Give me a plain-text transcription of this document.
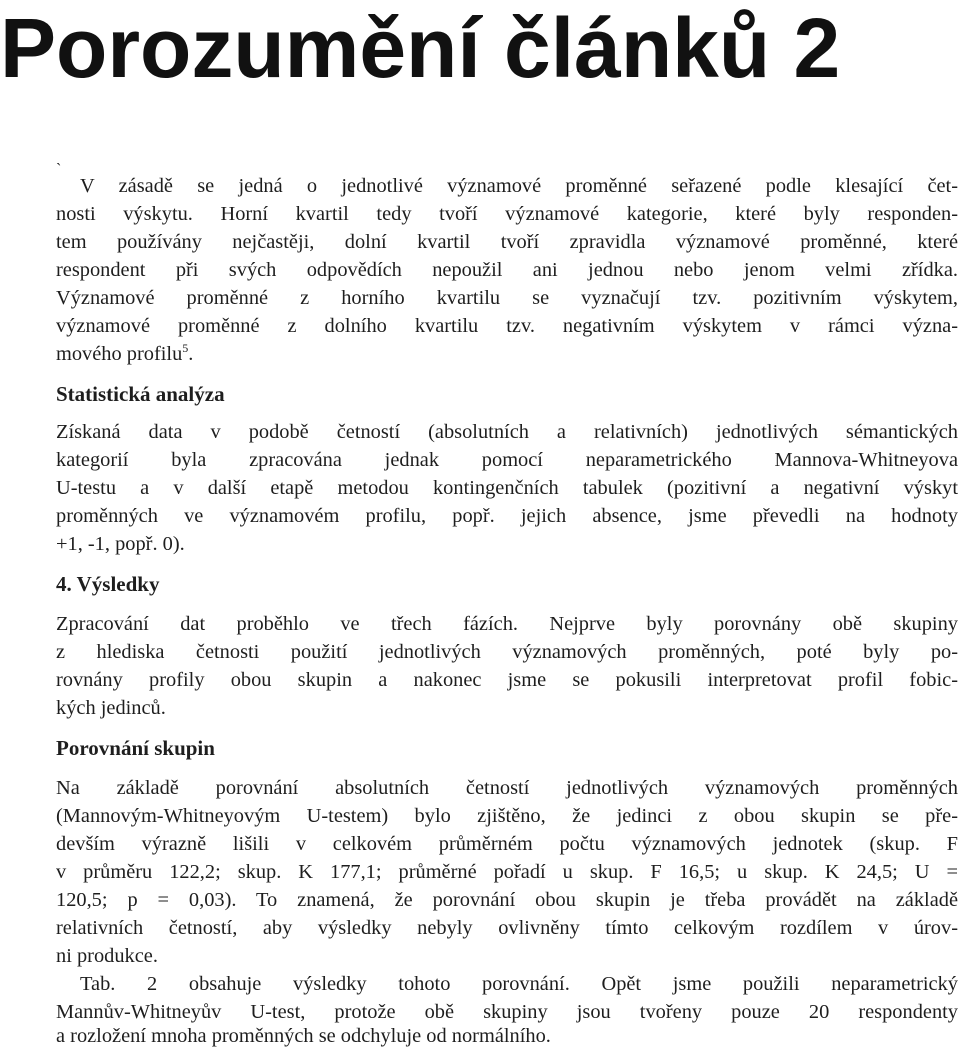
Porozumění článků 2
`
V zásadě se jedná o jednotlivé významové proměnné seřazené podle klesající čet-
nosti výskytu. Horní kvartil tedy tvoří významové kategorie, které byly responden-
tem používány nejčastěji, dolní kvartil tvoří zpravidla významové proměnné, které
respondent při svých odpovědích nepoužil ani jednou nebo jenom velmi zřídka.
Významové proměnné z horního kvartilu se vyznačují tzv. pozitivním výskytem,
významové proměnné z dolního kvartilu tzv. negativním výskytem v rámci význa-
mového profilu$^5$.
Statistická analýza
Získaná data v podobě četností (absolutních a relativních) jednotlivých sémantických
kategorií byla zpracována jednak pomocí neparametrického Mannova-Whitneyova
U-testu a v další etapě metodou kontingenčních tabulek (pozitivní a negativní výskyt
proměnných ve významovém profilu, popř. jejich absence, jsme převedli na hodnoty
+1, -1, popř. 0).
4. Výsledky
Zpracování dat proběhlo ve třech fázích. Nejprve byly porovnány obě skupiny
z hlediska četnosti použití jednotlivých významových proměnných, poté byly po-
rovnány profily obou skupin a nakonec jsme se pokusili interpretovat profil fobic-
kých jedinců.
Porovnání skupin
Na základě porovnání absolutních četností jednotlivých významových proměnných
(Mannovým-Whitneyovým U-testem) bylo zjištěno, že jedinci z obou skupin se pře-
devším výrazně lišili v celkovém průměrném počtu významových jednotek (skup. F
v průměru 122,2; skup. K 177,1; průměrné pořadí u skup. F 16,5; u skup. K 24,5; U =
120,5; p = 0,03). To znamená, že porovnání obou skupin je třeba provádět na základě
relativních četností, aby výsledky nebyly ovlivněny tímto celkovým rozdílem v úrov-
ni produkce.
Tab. 2 obsahuje výsledky tohoto porovnání. Opět jsme použili neparametrický
Mannův-Whitneyův U-test, protože obě skupiny jsou tvořeny pouze 20 respondenty
a rozložení mnoha proměnných se odchyluje od normálního.
